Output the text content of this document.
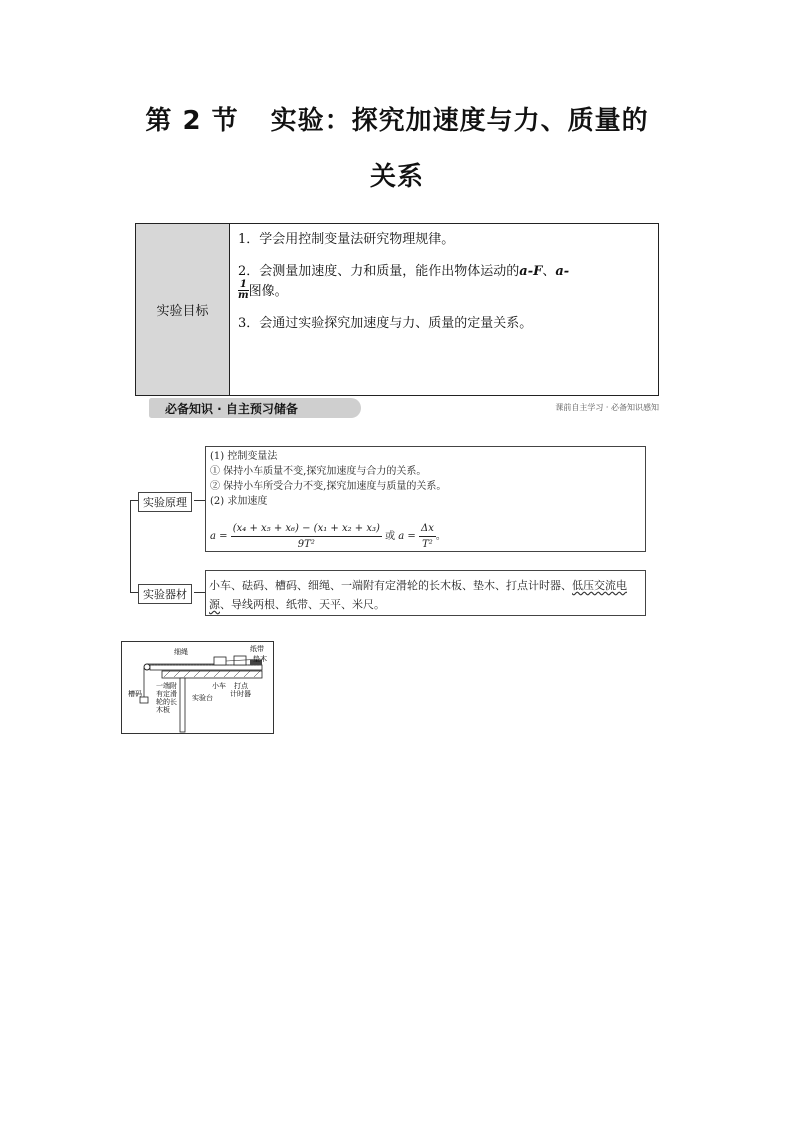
第 2 节 实验：探究加速度与力、质量的
关系
实验目标	
1．学会用控制变量法研究物理规律。
2．会测量加速度、力和质量，能作出物体运动的a-F、a-

$\frac{1}{m}$ 图像。
3．会通过实验探究加速度与力、质量的定量关系。
必备知识 · 自主预习储备	课前自主学习 · 必备知识感知
实验原理
(1) 控制变量法
① 保持小车质量不变,探究加速度与合力的关系。
② 保持小车所受合力不变,探究加速度与质量的关系。
(2) 求加速度
$a = \frac{\text{(x₄ + x₅ + x₆) − (x₁ + x₂ + x₃)}}{\text{9T²}}$ 或 $a = \frac{\Delta x}{\text{T²}}$ 。
实验器材
小车、砝码、槽码、细绳、一端附有定滑轮的长木板、垫木、打点计时器、低压交流电源、导线两根、纸带、天平、米尺。
细绳	纸带
垫木
槽码
一端附
有定滑
轮的长
木板
实验台
小车 打点
计时器
